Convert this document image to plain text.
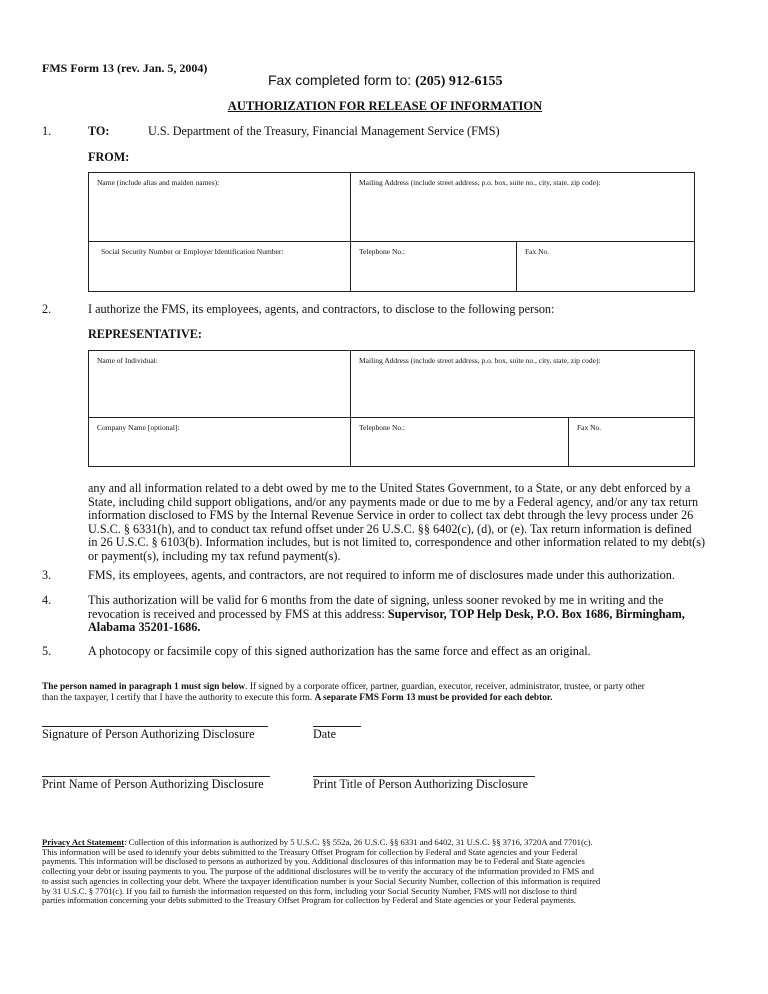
FMS Form 13 (rev. Jan. 5, 2004)
Fax completed form to: (205) 912-6155
AUTHORIZATION FOR RELEASE OF INFORMATION
1.	TO:	U.S. Department of the Treasury, Financial Management Service (FMS)
FROM:
Name (include alias and maiden names):	Mailing Address (include street address, p.o. box, suite no., city, state, zip code):
Social Security Number or Employer Identification Number:	Telephone No.:	Fax No.
2.	I authorize the FMS, its employees, agents, and contractors, to disclose to the following person:
REPRESENTATIVE:
Name of Individual:	Mailing Address (include street address, p.o. box, suite no., city, state, zip code):
Company Name [optional]:	Telephone No.:	Fax No.
any and all information related to a debt owed by me to the United States Government, to a State, or any debt enforced by a
State, including child support obligations, and/or any payments made or due to me by a Federal agency, and/or any tax return
information disclosed to FMS by the Internal Revenue Service in order to collect tax debt through the levy process under 26
U.S.C. § 6331(h), and to conduct tax refund offset under 26 U.S.C. §§ 6402(c), (d), or (e). Tax return information is defined
in 26 U.S.C. § 6103(b). Information includes, but is not limited to, correspondence and other information related to my debt(s)
or payment(s), including my tax refund payment(s).
3.	FMS, its employees, agents, and contractors, are not required to inform me of disclosures made under this authorization.
4.	This authorization will be valid for 6 months from the date of signing, unless sooner revoked by me in writing and the
revocation is received and processed by FMS at this address: Supervisor, TOP Help Desk, P.O. Box 1686, Birmingham,
Alabama 35201-1686.
5.	A photocopy or facsimile copy of this signed authorization has the same force and effect as an original.
The person named in paragraph 1 must sign below. If signed by a corporate officer, partner, guardian, executor, receiver, administrator, trustee, or party other
than the taxpayer, I certify that I have the authority to execute this form. A separate FMS Form 13 must be provided for each debtor.
Signature of Person Authorizing Disclosure	Date
Print Name of Person Authorizing Disclosure	Print Title of Person Authorizing Disclosure
Privacy Act Statement: Collection of this information is authorized by 5 U.S.C. §§ 552a, 26 U.S.C. §§ 6331 and 6402, 31 U.S.C. §§ 3716, 3720A and 7701(c).
This information will be used to identify your debts submitted to the Treasury Offset Program for collection by Federal and State agencies and your Federal
payments. This information will be disclosed to persons as authorized by you. Additional disclosures of this information may be to Federal and State agencies
collecting your debt or issuing payments to you. The purpose of the additional disclosures will be to verify the accuracy of the information provided to FMS and
to assist such agencies in collecting your debt. Where the taxpayer identification number is your Social Security Number, collection of this information is required
by 31 U.S.C. § 7701(c). If you fail to furnish the information requested on this form, including your Social Security Number, FMS will not disclose to third
parties information concerning your debts submitted to the Treasury Offset Program for collection by Federal and State agencies or your Federal payments.
